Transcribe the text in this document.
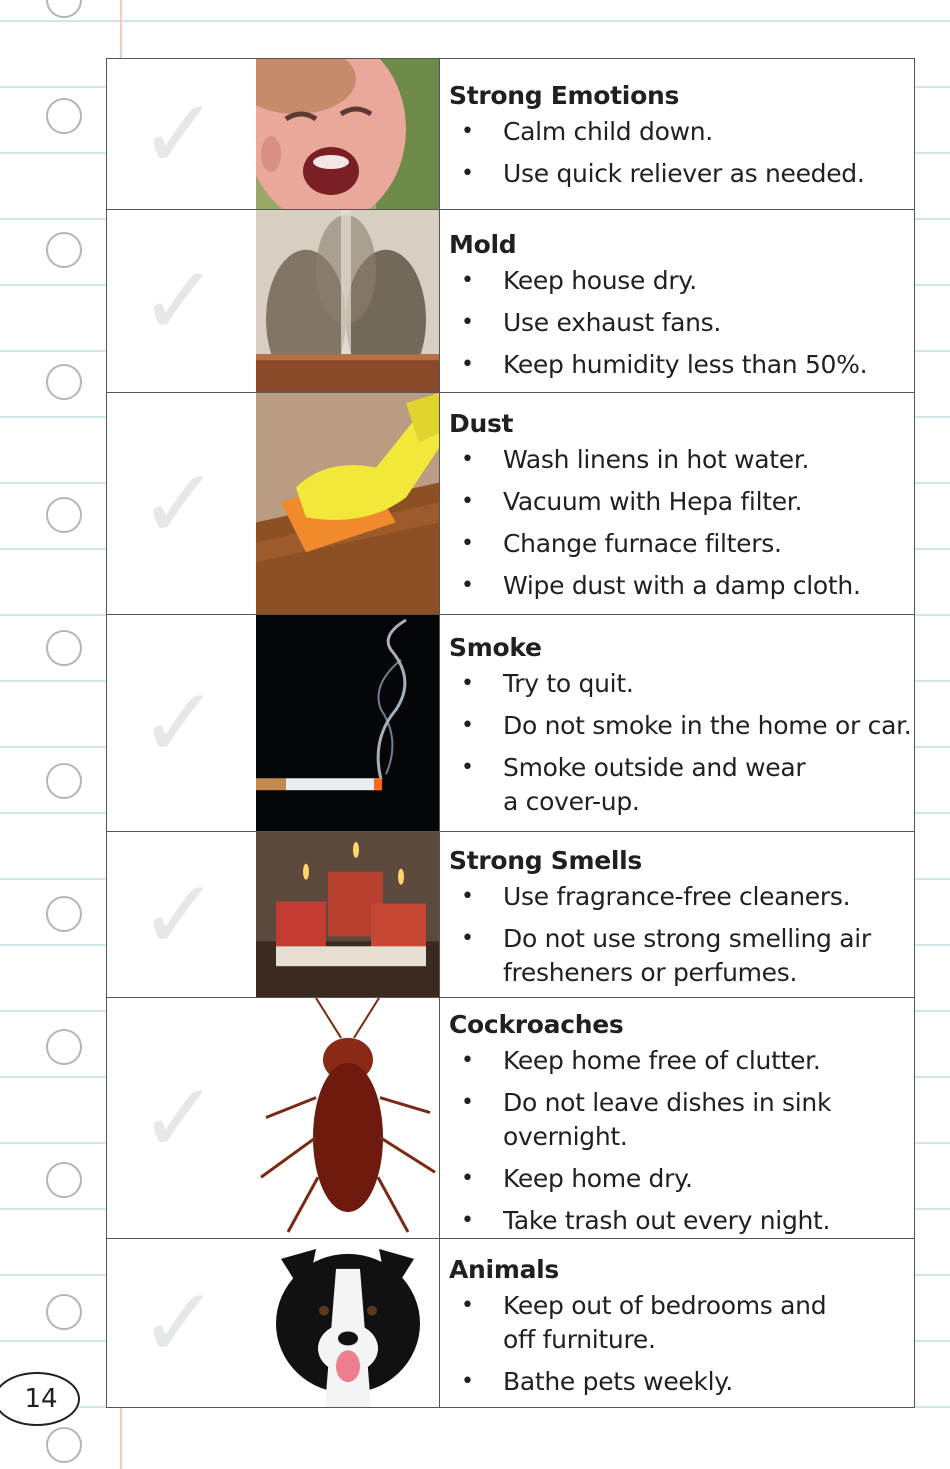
14
✓	Strong Emotions
• Calm child down.
• Use quick reliever as needed.
✓
Mold
• Keep house dry.
• Use exhaust fans.
• Keep humidity less than 50%.
✓
Dust
• Wash linens in hot water.
• Vacuum with Hepa filter.
• Change furnace filters.
• Wipe dust with a damp cloth.
✓
Smoke
• Try to quit.
• Do not smoke in the home or car.
• Smoke outside and wear
a cover-up.
✓	Strong Smells
• Use fragrance-free cleaners.
• Do not use strong smelling air
fresheners or perfumes.
✓
Cockroaches
• Keep home free of clutter.
• Do not leave dishes in sink
overnight.
• Keep home dry.
• Take trash out every night.
✓	Animals
• Keep out of bedrooms and
off furniture.
• Bathe pets weekly.
